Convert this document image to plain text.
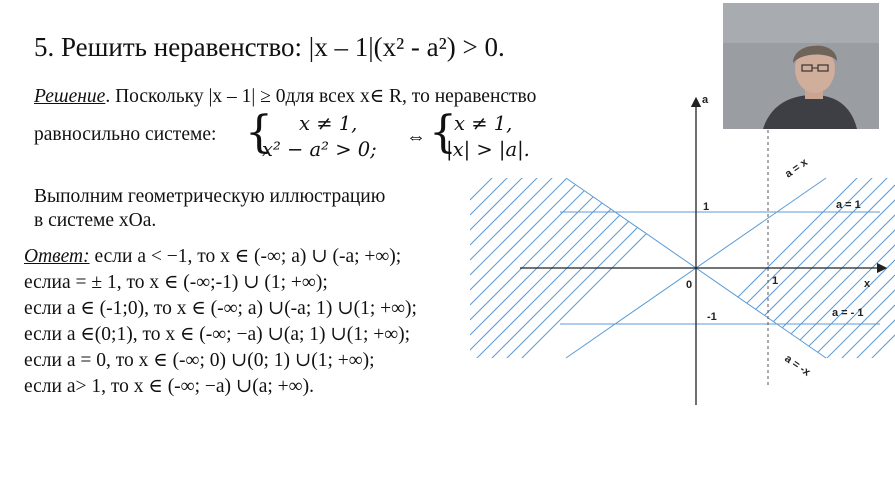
5. Решить неравенство: |x – 1|(x² - a²) > 0.
Решение. Поскольку |x – 1| ≥ 0для всех x∈ R, то неравенство
равносильно системе: { x ≠ 1,
x² − a² > 0;
⇔ {
x ≠ 1,
|x| > |a|.
Выполним геометрическую иллюстрацию
в системе xOa.
Ответ: если a < −1, то x ∈ (-∞; a) ∪ (-a; +∞);
еслиa = ± 1, то x ∈ (-∞;-1) ∪ (1; +∞);
если a ∈ (-1;0), то x ∈ (-∞; a) ∪(-a; 1) ∪(1; +∞);
если a ∈(0;1), то x ∈ (-∞; −a) ∪(a; 1) ∪(1; +∞);
если a = 0, то x ∈ (-∞; 0) ∪(0; 1) ∪(1; +∞);
если a> 1, то x ∈ (-∞; −a) ∪(a; +∞).
a
x
0
1
-1
1
a = 1
a = - 1
a = x
a = -x
